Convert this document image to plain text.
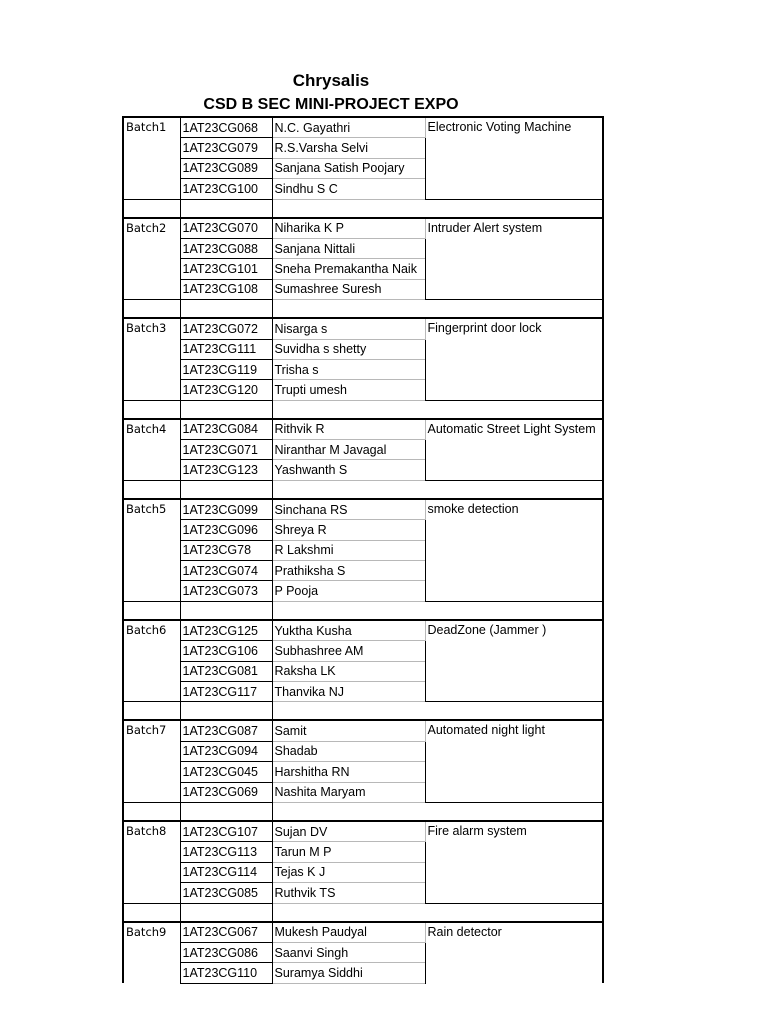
Chrysalis
CSD B SEC MINI-PROJECT EXPO
Batch1	1AT23CG068	N.C. Gayathri	Electronic Voting Machine
	1AT23CG079	R.S.Varsha Selvi	
	1AT23CG089	Sanjana Satish Poojary	
	1AT23CG100	Sindhu S C	

Batch2	1AT23CG070	Niharika K P	Intruder Alert system
	1AT23CG088	Sanjana Nittali	
	1AT23CG101	Sneha Premakantha Naik	
	1AT23CG108	Sumashree Suresh	

Batch3	1AT23CG072	Nisarga s	Fingerprint door lock
	1AT23CG111	Suvidha s shetty	
	1AT23CG119	Trisha s	
	1AT23CG120	Trupti umesh	

Batch4	1AT23CG084	Rithvik R	Automatic Street Light System
	1AT23CG071	Niranthar M Javagal	
	1AT23CG123	Yashwanth S	

Batch5	1AT23CG099	Sinchana RS	smoke detection
	1AT23CG096	Shreya R	
	1AT23CG78	R Lakshmi	
	1AT23CG074	Prathiksha S	
	1AT23CG073	P Pooja	

Batch6	1AT23CG125	Yuktha Kusha	DeadZone (Jammer )
	1AT23CG106	Subhashree AM	
	1AT23CG081	Raksha LK	
	1AT23CG117	Thanvika NJ	

Batch7	1AT23CG087	Samit	Automated night light
	1AT23CG094	Shadab	
	1AT23CG045	Harshitha RN	
	1AT23CG069	Nashita Maryam	

Batch8	1AT23CG107	Sujan DV	Fire alarm system
	1AT23CG113	Tarun M P	
	1AT23CG114	Tejas K J	
	1AT23CG085	Ruthvik TS	

Batch9	1AT23CG067	Mukesh Paudyal	Rain detector
	1AT23CG086	Saanvi Singh	
	1AT23CG110	Suramya Siddhi	
